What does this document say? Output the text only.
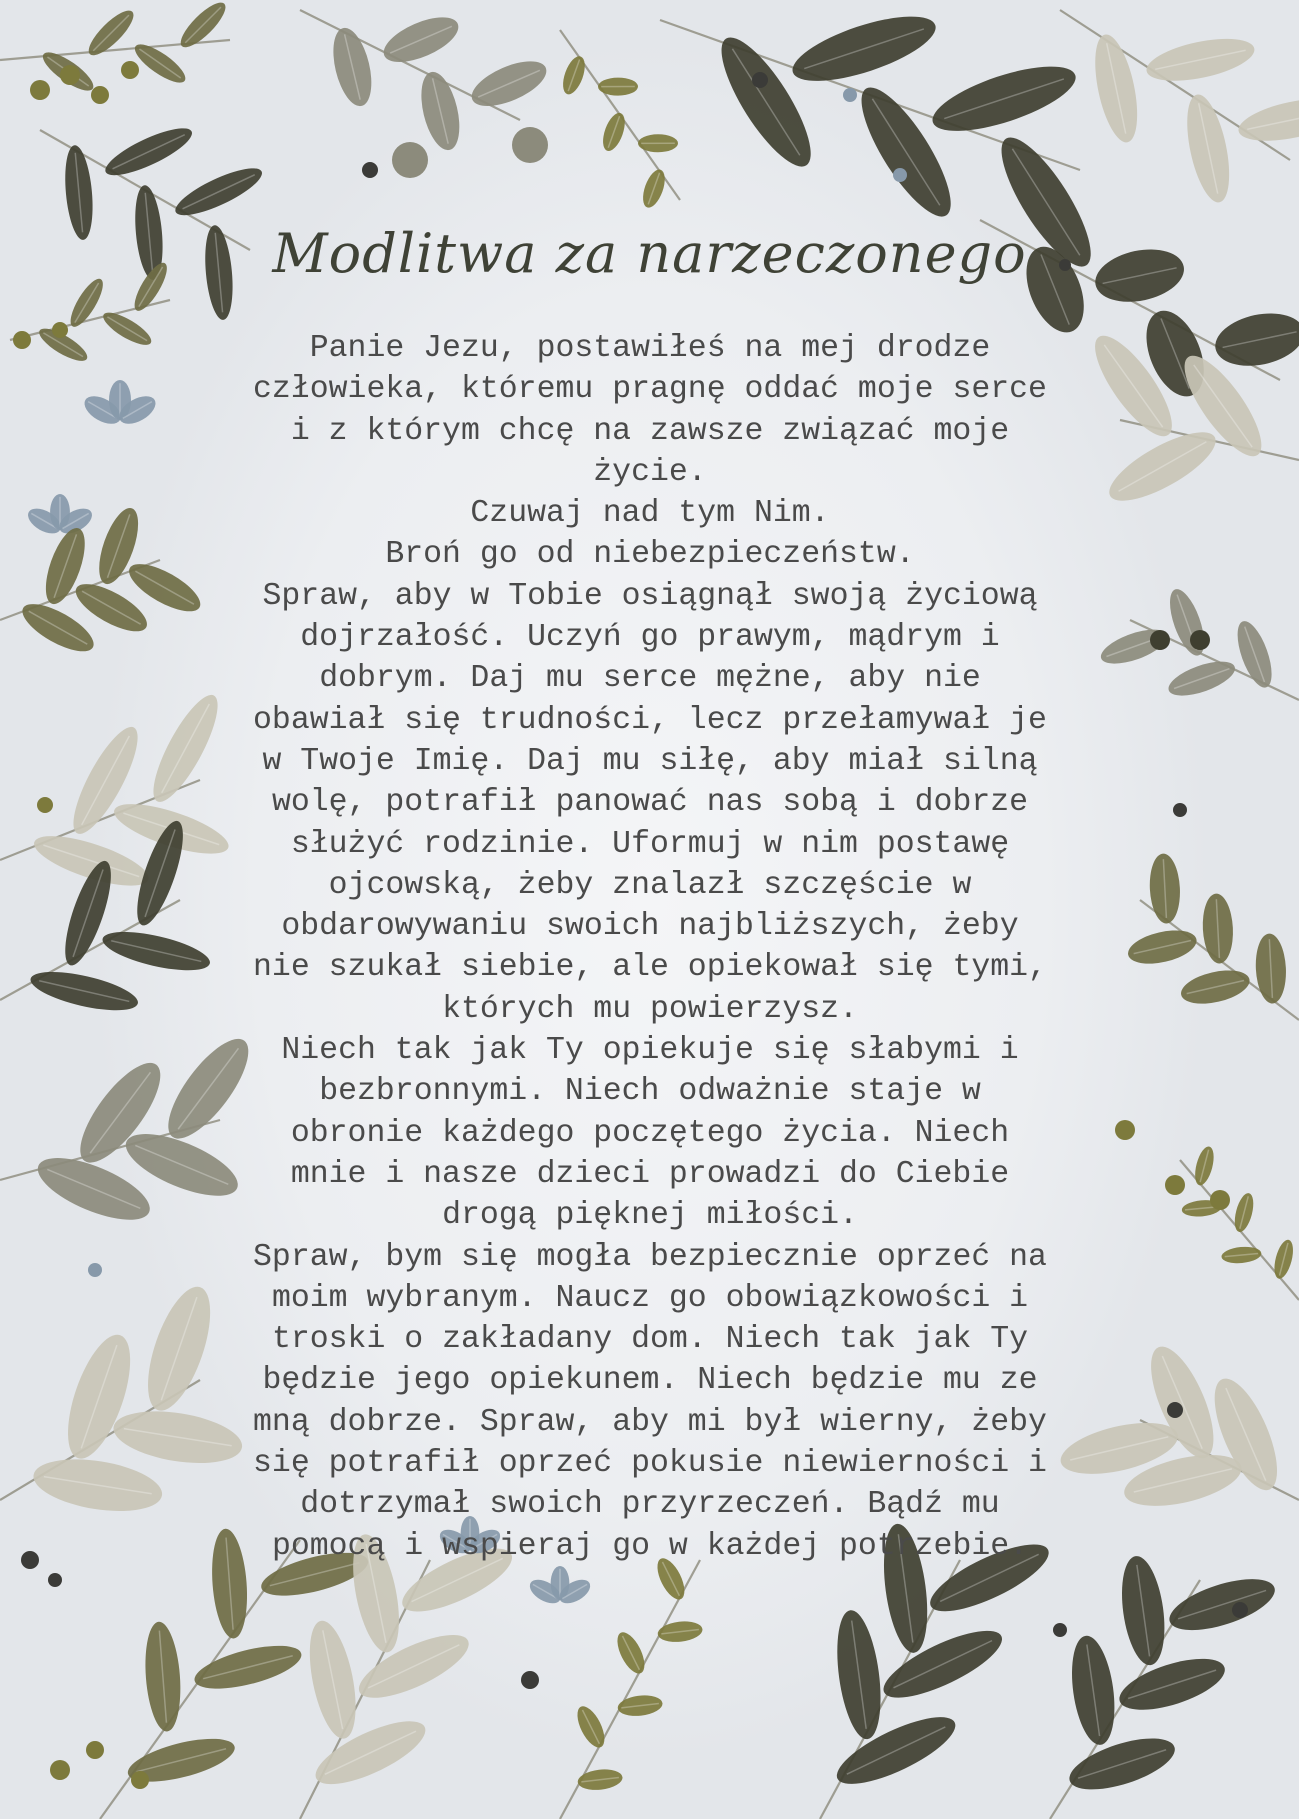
Modlitwa za narzeczonego
Panie Jezu, postawiłeś na mej drodze
człowieka, któremu pragnę oddać moje serce
i z którym chcę na zawsze związać moje
życie.
Czuwaj nad tym Nim.
Broń go od niebezpieczeństw.
Spraw, aby w Tobie osiągnął swoją życiową
dojrzałość. Uczyń go prawym, mądrym i
dobrym. Daj mu serce mężne, aby nie
obawiał się trudności, lecz przełamywał je
w Twoje Imię. Daj mu siłę, aby miał silną
wolę, potrafił panować nas sobą i dobrze
służyć rodzinie. Uformuj w nim postawę
ojcowską, żeby znalazł szczęście w
obdarowywaniu swoich najbliższych, żeby
nie szukał siebie, ale opiekował się tymi,
których mu powierzysz.
Niech tak jak Ty opiekuje się słabymi i
bezbronnymi. Niech odważnie staje w
obronie każdego poczętego życia. Niech
mnie i nasze dzieci prowadzi do Ciebie
drogą pięknej miłości.
Spraw, bym się mogła bezpiecznie oprzeć na
moim wybranym. Naucz go obowiązkowości i
troski o zakładany dom. Niech tak jak Ty
będzie jego opiekunem. Niech będzie mu ze
mną dobrze. Spraw, aby mi był wierny, żeby
się potrafił oprzeć pokusie niewierności i
dotrzymał swoich przyrzeczeń. Bądź mu
pomocą i wspieraj go w każdej potrzebie.
